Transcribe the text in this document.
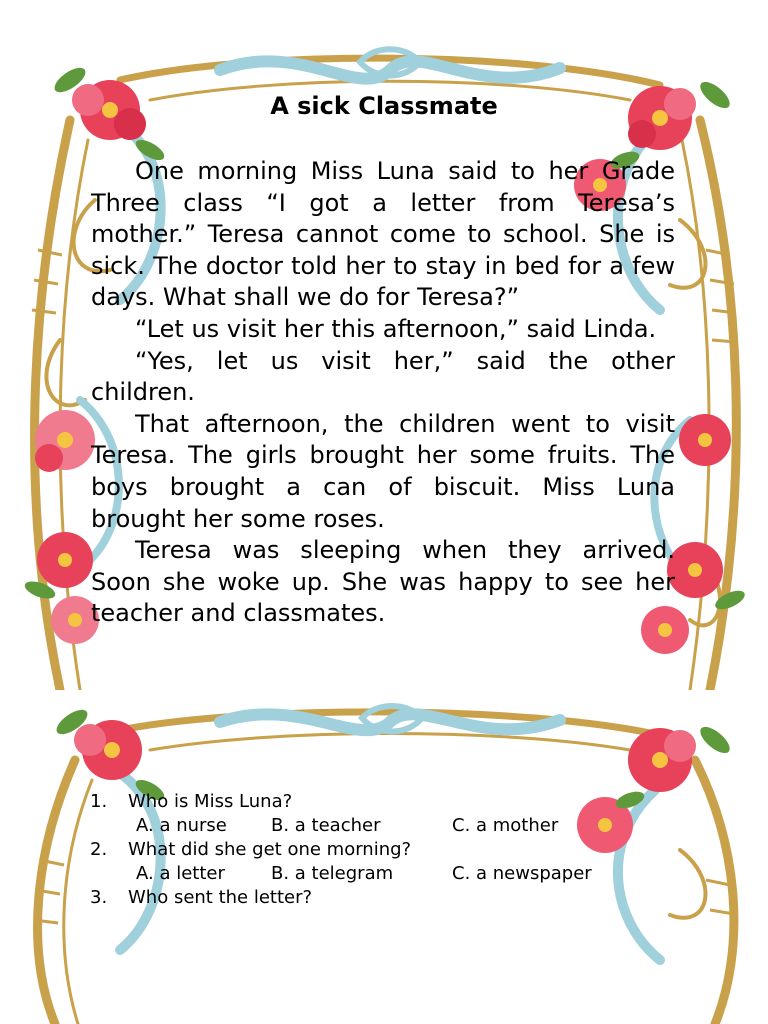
A sick Classmate

One morning Miss Luna said to her Grade Three class “I got a letter from Teresa’s mother.” Teresa cannot come to school. She is sick. The doctor told her to stay in bed for a few days. What shall we do for Teresa?”

“Let us visit her this afternoon,” said Linda.

“Yes, let us visit her,” said the other children.

That afternoon, the children went to visit Teresa. The girls brought her some fruits. The boys brought a can of biscuit. Miss Luna brought her some roses.

Teresa was sleeping when they arrived. Soon she woke up. She was happy to see her teacher and classmates.

1. Who is Miss Luna?
A. a nurse B. a teacher	C. a mother
2. What did she get one morning?
A. a letter	B. a telegram	C. a newspaper
3. Who sent the letter?
